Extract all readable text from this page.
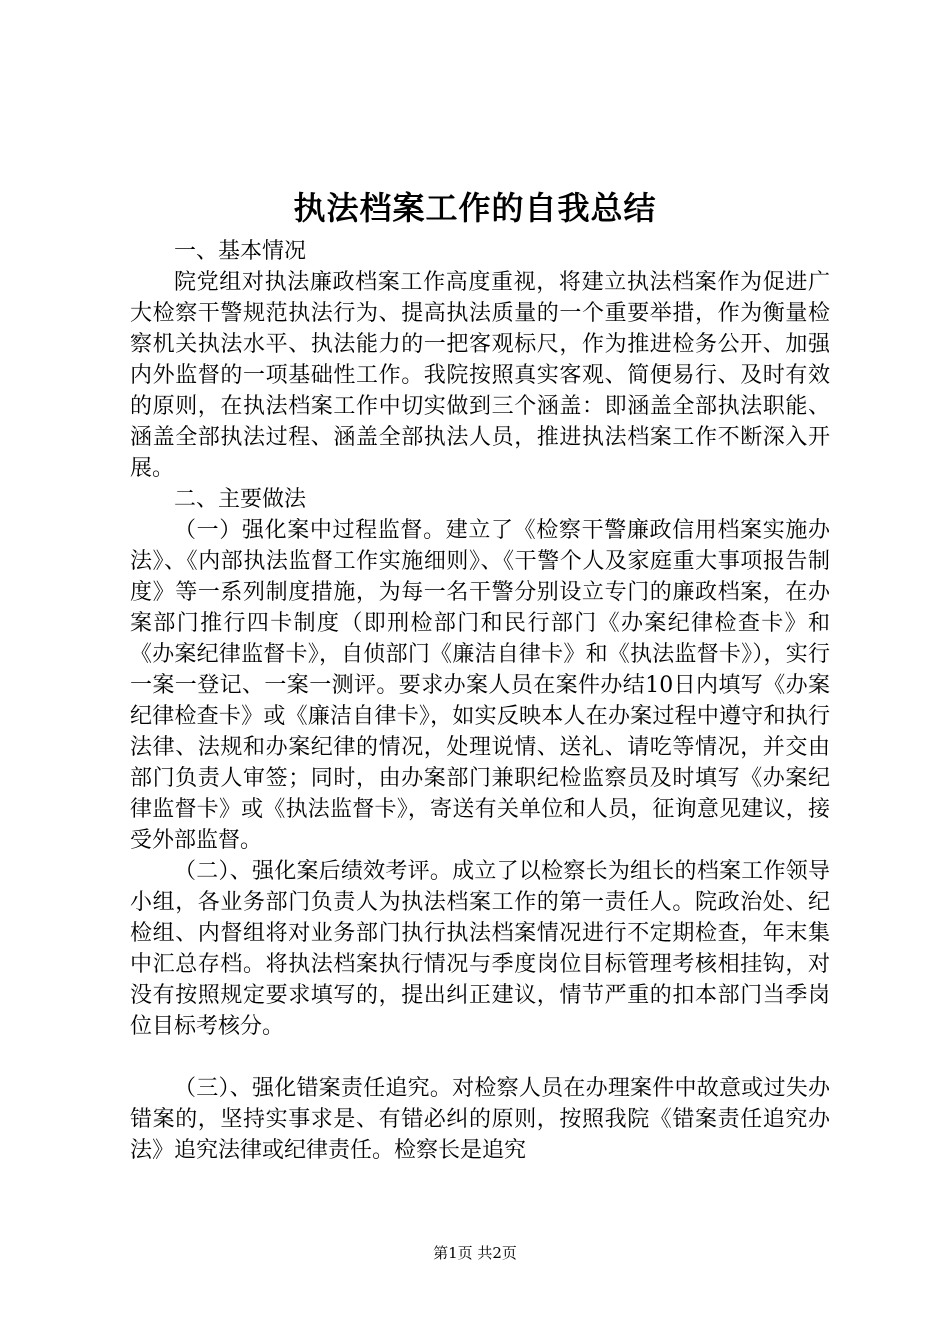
执法档案工作的自我总结

一、基本情况

院党组对执法廉政档案工作高度重视，将建立执法档案作为促进广大检察干警规范执法行为、提高执法质量的一个重要举措，作为衡量检察机关执法水平、执法能力的一把客观标尺，作为推进检务公开、加强内外监督的一项基础性工作。我院按照真实客观、简便易行、及时有效的原则，在执法档案工作中切实做到三个涵盖：即涵盖全部执法职能、涵盖全部执法过程、涵盖全部执法人员，推进执法档案工作不断深入开展。

二、主要做法

（一）强化案中过程监督。建立了《检察干警廉政信用档案实施办法》、《内部执法监督工作实施细则》、《干警个人及家庭重大事项报告制度》等一系列制度措施，为每一名干警分别设立专门的廉政档案，在办案部门推行四卡制度（即刑检部门和民行部门《办案纪律检查卡》和《办案纪律监督卡》，自侦部门《廉洁自律卡》和《执法监督卡》），实行一案一登记、一案一测评。要求办案人员在案件办结10日内填写《办案纪律检查卡》或《廉洁自律卡》，如实反映本人在办案过程中遵守和执行法律、法规和办案纪律的情况，处理说情、送礼、请吃等情况，并交由部门负责人审签；同时，由办案部门兼职纪检监察员及时填写《办案纪律监督卡》或《执法监督卡》，寄送有关单位和人员，征询意见建议，接受外部监督。

（二）、强化案后绩效考评。成立了以检察长为组长的档案工作领导小组，各业务部门负责人为执法档案工作的第一责任人。院政治处、纪检组、内督组将对业务部门执行执法档案情况进行不定期检查，年末集中汇总存档。将执法档案执行情况与季度岗位目标管理考核相挂钩，对没有按照规定要求填写的，提出纠正建议，情节严重的扣本部门当季岗位目标考核分。

（三）、强化错案责任追究。对检察人员在办理案件中故意或过失办错案的，坚持实事求是、有错必纠的原则，按照我院《错案责任追究办法》追究法律或纪律责任。检察长是追究

第1页 共2页
